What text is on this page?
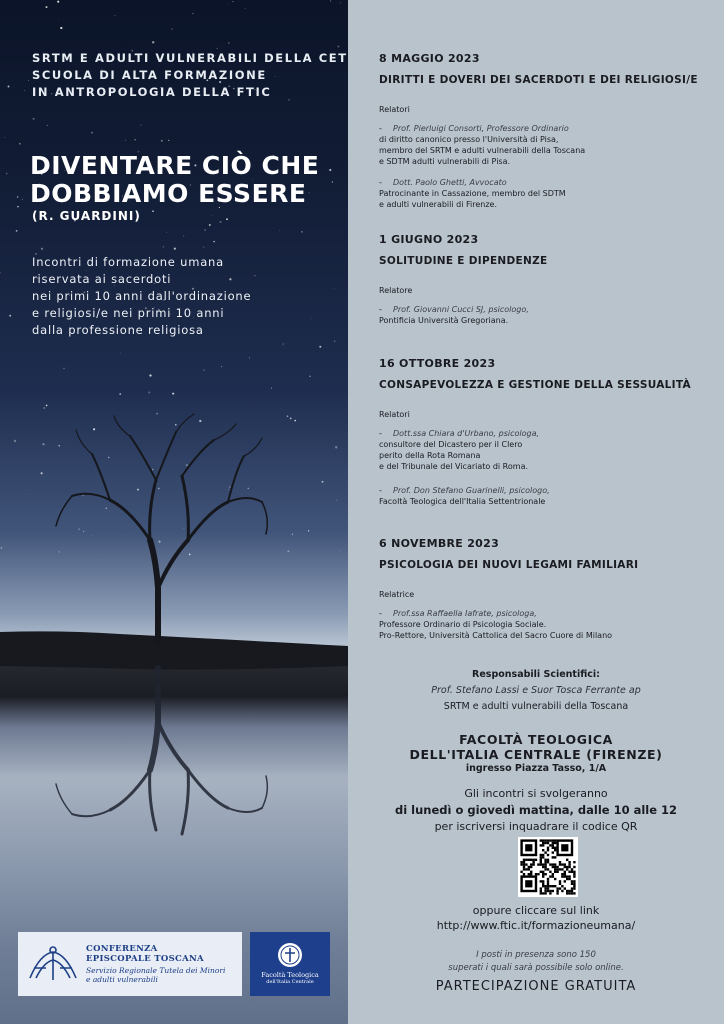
SRTM E ADULTI VULNERABILI DELLA CET
SCUOLA DI ALTA FORMAZIONE
IN ANTROPOLOGIA DELLA FTIC
DIVENTARE CIÒ CHE
DOBBIAMO ESSERE
(R. GUARDINI)
Incontri di formazione umana
riservata ai sacerdoti
nei primi 10 anni dall'ordinazione
e religiosi/e nei primi 10 anni
dalla professione religiosa
CONFERENZA
EPISCOPALE TOSCANA
Servizio Regionale Tutela dei Minori
e adulti vulnerabili	Facoltà Teologica
dell'Italia Centrale
8 MAGGIO 2023
DIRITTI E DOVERI DEI SACERDOTI E DEI RELIGIOSI/E
Relatori
- Prof. Pierluigi Consorti, Professore Ordinario
di diritto canonico presso l'Università di Pisa,
membro del SRTM e adulti vulnerabili della Toscana
e SDTM adulti vulnerabili di Pisa.
- Dott. Paolo Ghetti, Avvocato
Patrocinante in Cassazione, membro del SDTM
e adulti vulnerabili di Firenze.
1 GIUGNO 2023
SOLITUDINE E DIPENDENZE
Relatore
- Prof. Giovanni Cucci SJ, psicologo,
Pontificia Università Gregoriana.
16 OTTOBRE 2023
CONSAPEVOLEZZA E GESTIONE DELLA SESSUALITÀ
Relatori
- Dott.ssa Chiara d'Urbano, psicologa,
consultore del Dicastero per il Clero
perito della Rota Romana
e del Tribunale del Vicariato di Roma.
- Prof. Don Stefano Guarinelli, psicologo,
Facoltà Teologica dell'Italia Settentrionale
6 NOVEMBRE 2023
PSICOLOGIA DEI NUOVI LEGAMI FAMILIARI
Relatrice
- Prof.ssa Raffaella Iafrate, psicologa,
Professore Ordinario di Psicologia Sociale.
Pro-Rettore, Università Cattolica del Sacro Cuore di Milano
Responsabili Scientifici:
Prof. Stefano Lassi e Suor Tosca Ferrante ap
SRTM e adulti vulnerabili della Toscana
FACOLTÀ TEOLOGICA
DELL'ITALIA CENTRALE (FIRENZE)
ingresso Piazza Tasso, 1/A
Gli incontri si svolgeranno
di lunedì o giovedì mattina, dalle 10 alle 12
per iscriversi inquadrare il codice QR
oppure cliccare sul link
http://www.ftic.it/formazioneumana/
I posti in presenza sono 150
superati i quali sarà possibile solo online.
PARTECIPAZIONE GRATUITA
